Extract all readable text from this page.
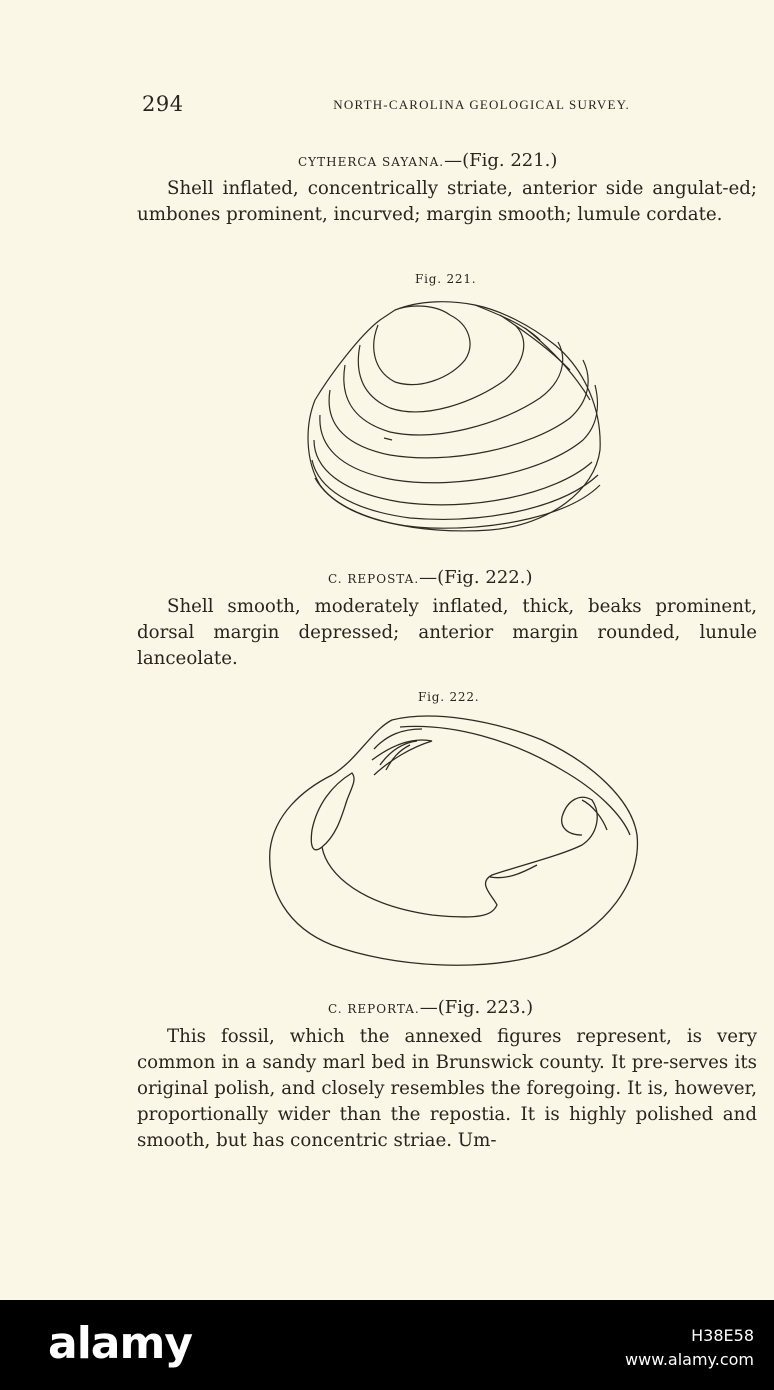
294	NORTH-CAROLINA GEOLOGICAL SURVEY.
CYTHERCA SAYANA.—(Fig. 221.)
Shell inflated, concentrically striate, anterior side angulat-ed; umbones prominent, incurved; margin smooth; lumule cordate.
Fig. 221.
C. REPOSTA.—(Fig. 222.)
Shell smooth, moderately inflated, thick, beaks prominent, dorsal margin depressed; anterior margin rounded, lunule lanceolate.
Fig. 222.
C. REPORTA.—(Fig. 223.)
This fossil, which the annexed figures represent, is very common in a sandy marl bed in Brunswick county. It pre-serves its original polish, and closely resembles the foregoing. It is, however, proportionally wider than the repostia. It is highly polished and smooth, but has concentric striae. Um-
alamy	H38E58
www.alamy.com
